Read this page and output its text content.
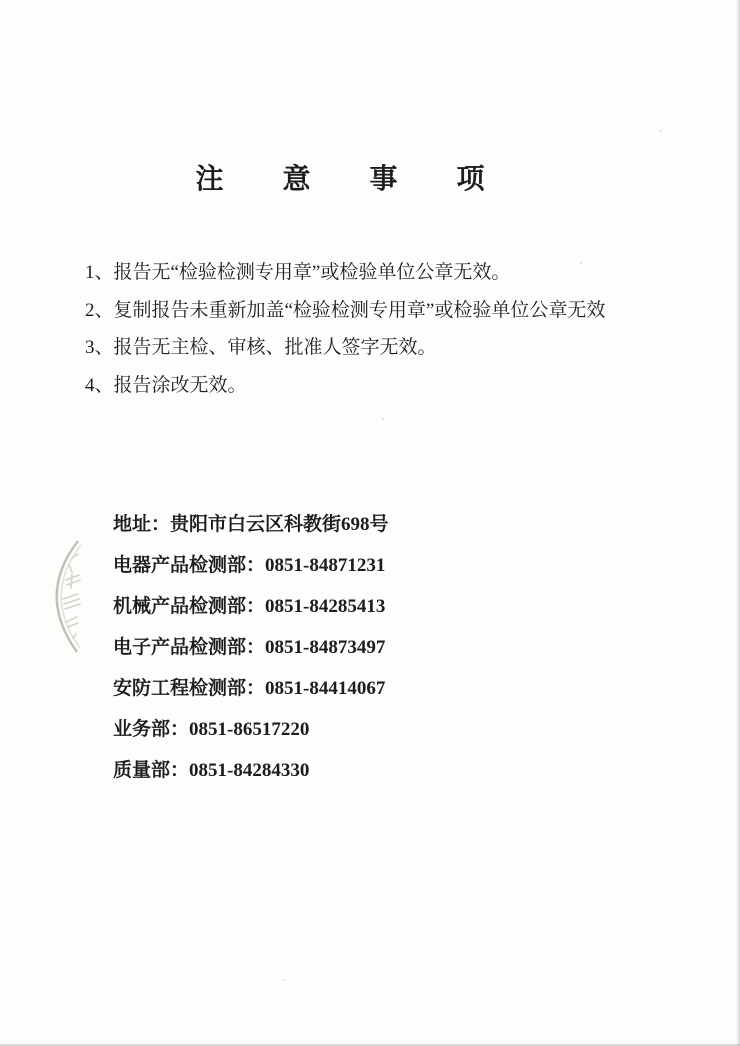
注 意 事 项
1、报告无“检验检测专用章”或检验单位公章无效。
2、复制报告未重新加盖“检验检测专用章”或检验单位公章无效
3、报告无主检、审核、批准人签字无效。
4、报告涂改无效。
地址：贵阳市白云区科教街698号
电器产品检测部：0851-84871231
机械产品检测部：0851-84285413
电子产品检测部：0851-84873497
安防工程检测部：0851-84414067
业务部：0851-86517220
质量部：0851-84284330
